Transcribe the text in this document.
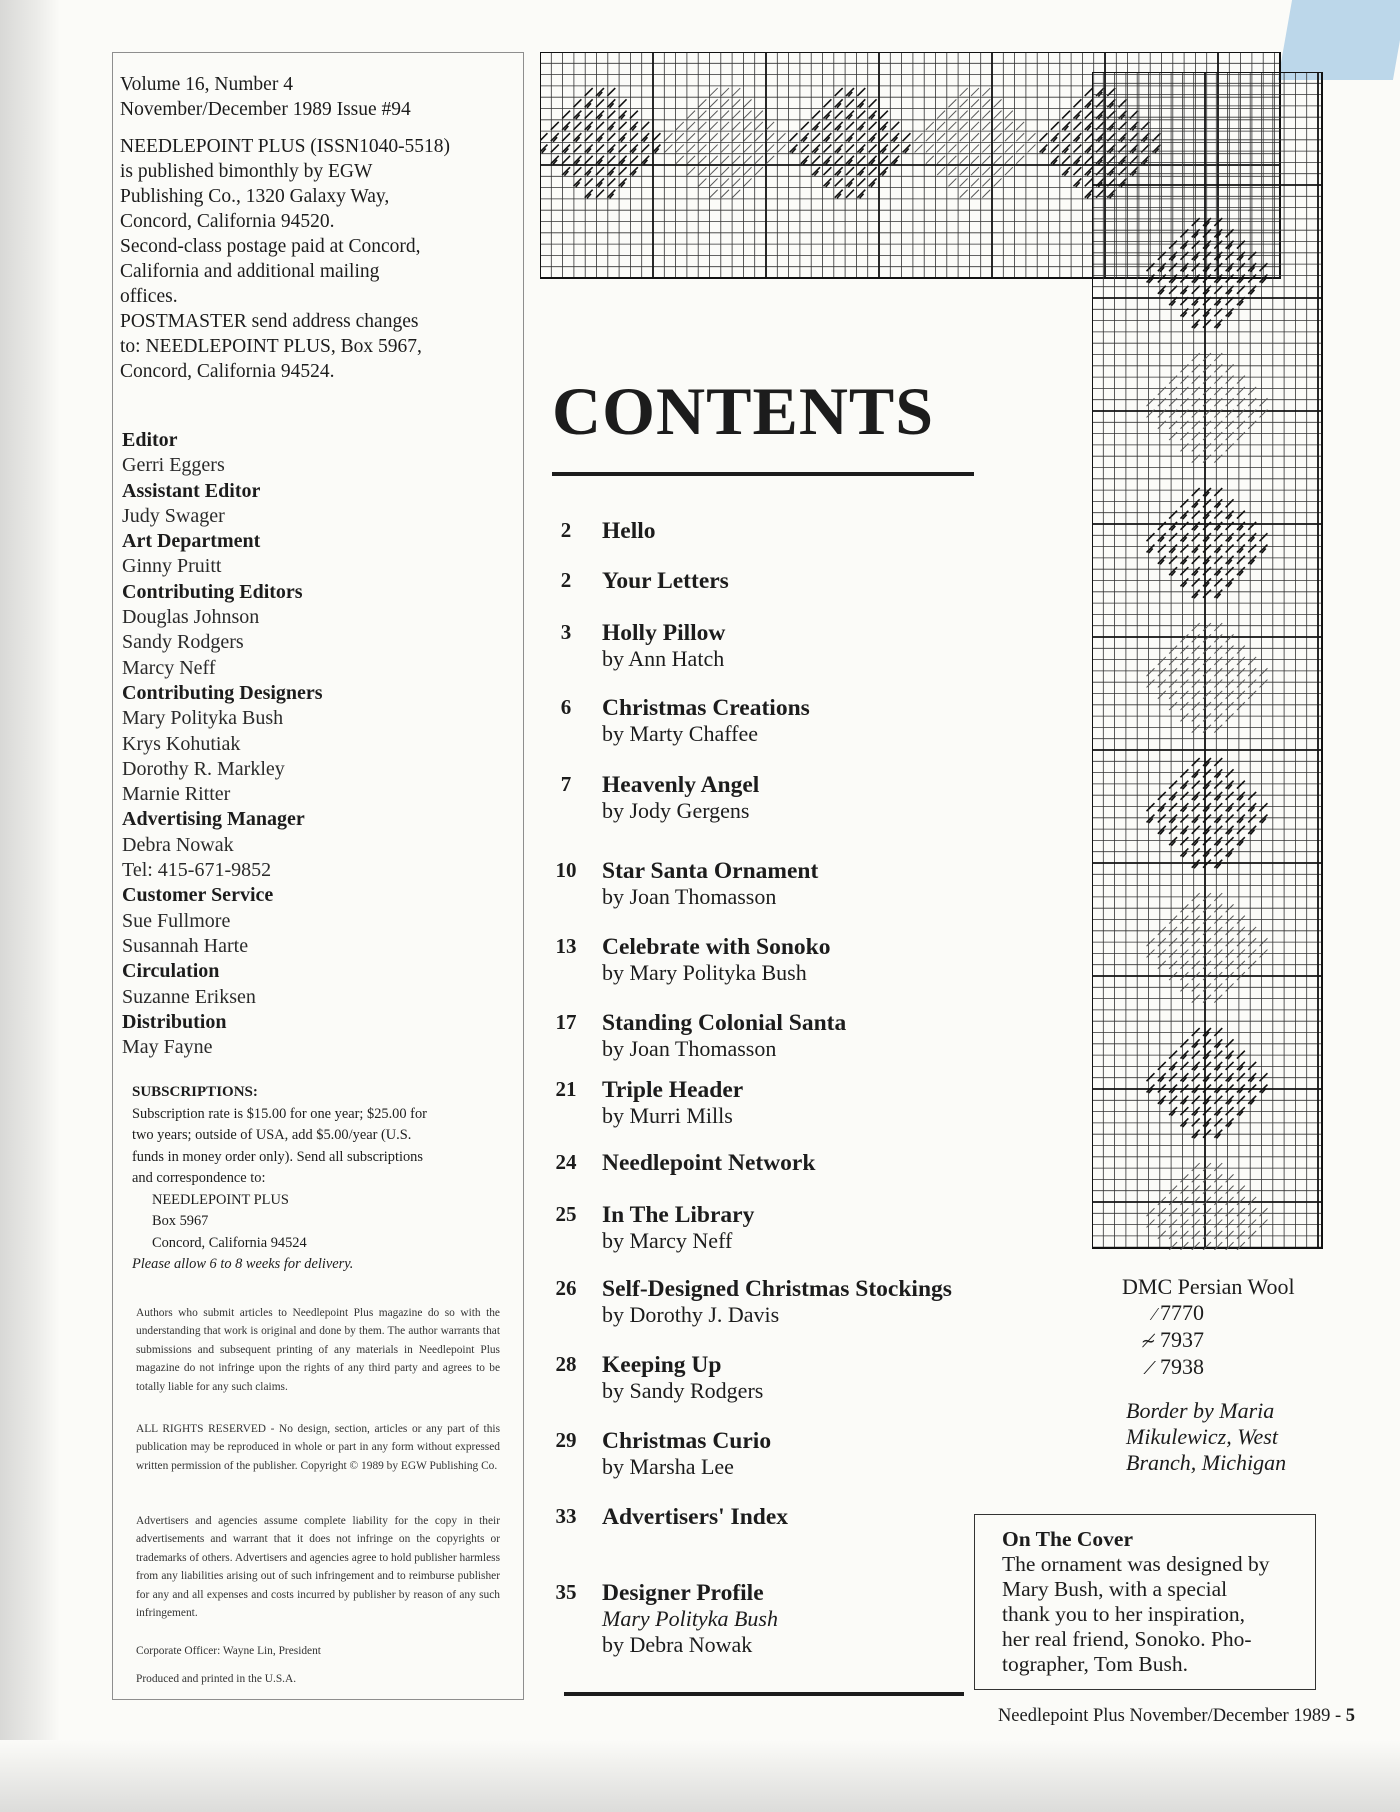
Volume 16, Number 4
November/December 1989 Issue #94
NEEDLEPOINT PLUS (ISSN1040-5518)
is published bimonthly by EGW
Publishing Co., 1320 Galaxy Way,
Concord, California 94520.
Second-class postage paid at Concord,
California and additional mailing
offices.
POSTMASTER send address changes
to: NEEDLEPOINT PLUS, Box 5967,
Concord, California 94524.
Editor
Gerri Eggers
Assistant Editor
Judy Swager
Art Department
Ginny Pruitt
Contributing Editors
Douglas Johnson
Sandy Rodgers
Marcy Neff
Contributing Designers
Mary Polityka Bush
Krys Kohutiak
Dorothy R. Markley
Marnie Ritter
Advertising Manager
Debra Nowak
Tel: 415-671-9852
Customer Service
Sue Fullmore
Susannah Harte
Circulation
Suzanne Eriksen
Distribution
May Fayne
SUBSCRIPTIONS:
Subscription rate is $15.00 for one year; $25.00 for
two years; outside of USA, add $5.00/year (U.S.
funds in money order only). Send all subscriptions
and correspondence to:
NEEDLEPOINT PLUS
Box 5967
Concord, California 94524
Please allow 6 to 8 weeks for delivery.
Authors who submit articles to Needlepoint Plus magazine do so with the understanding that work is original and done by them. The author warrants that submissions and subsequent printing of any materials in Needlepoint Plus magazine do not infringe upon the rights of any third party and agrees to be totally liable for any such claims.
ALL RIGHTS RESERVED - No design, section, articles or any part of this publication may be reproduced in whole or part in any form without expressed written permission of the publisher. Copyright © 1989 by EGW Publishing Co.
Advertisers and agencies assume complete liability for the copy in their advertisements and warrant that it does not infringe on the copyrights or trademarks of others. Advertisers and agencies agree to hold publisher harmless from any liabilities arising out of such infringement and to reimburse publisher for any and all expenses and costs incurred by publisher by reason of any such infringement.
Corporate Officer: Wayne Lin, President
Produced and printed in the U.S.A.
CONTENTS
2	Hello
2	Your Letters
3	Holly Pillow
by Ann Hatch
6	Christmas Creations
by Marty Chaffee
7	Heavenly Angel
by Jody Gergens
10	Star Santa Ornament
by Joan Thomasson
13	Celebrate with Sonoko
by Mary Polityka Bush
17	Standing Colonial Santa
by Joan Thomasson
21	Triple Header
by Murri Mills
24	Needlepoint Network
25	In The Library
by Marcy Neff
26	Self-Designed Christmas Stockings
by Dorothy J. Davis
28	Keeping Up
by Sandy Rodgers
29	Christmas Curio
by Marsha Lee
33	Advertisers' Index
35	Designer Profile
Mary Polityka Bush
by Debra Nowak
DMC Persian Wool
⁄ 7770
≁ 7937
⟋ 7938
Border by Maria
Mikulewicz, West
Branch, Michigan
On The Cover
The ornament was designed by
Mary Bush, with a special
thank you to her inspiration,
her real friend, Sonoko. Pho-
tographer, Tom Bush.
Needlepoint Plus November/December 1989 - 5
